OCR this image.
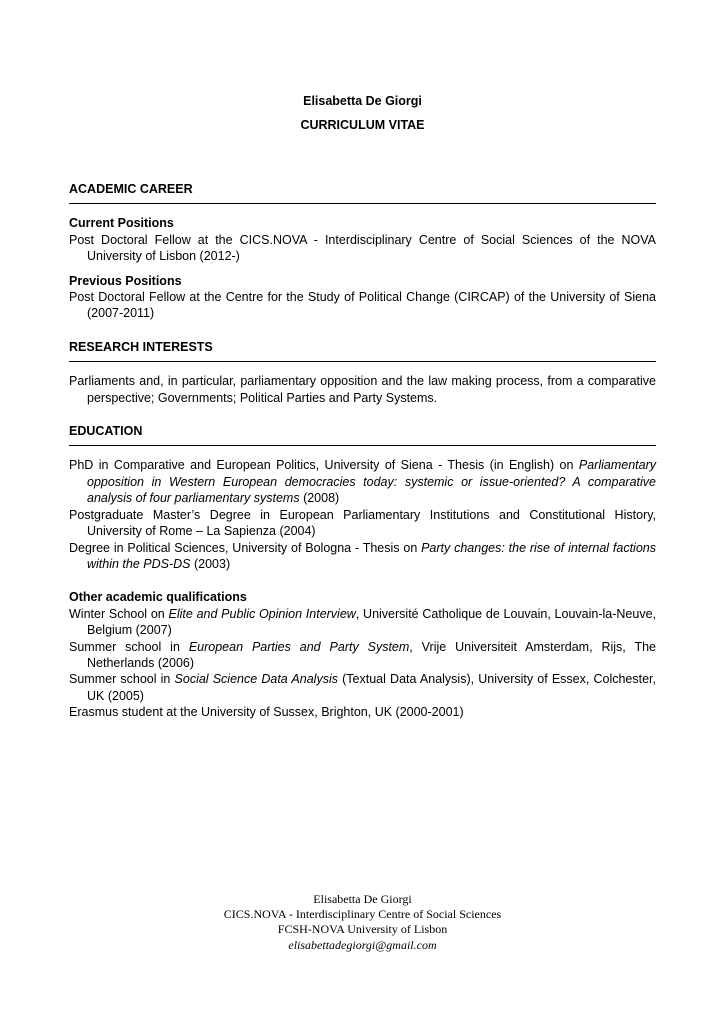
Elisabetta De Giorgi
CURRICULUM VITAE

ACADEMIC CAREER

Current Positions

Post Doctoral Fellow at the CICS.NOVA - Interdisciplinary Centre of Social Sciences of the NOVA University of Lisbon (2012-)

Previous Positions

Post Doctoral Fellow at the Centre for the Study of Political Change (CIRCAP) of the University of Siena (2007-2011)

RESEARCH INTERESTS

Parliaments and, in particular, parliamentary opposition and the law making process, from a comparative perspective; Governments; Political Parties and Party Systems.

EDUCATION

PhD in Comparative and European Politics, University of Siena - Thesis (in English) on Parliamentary opposition in Western European democracies today: systemic or issue-oriented? A comparative analysis of four parliamentary systems (2008)

Postgraduate Master’s Degree in European Parliamentary Institutions and Constitutional History, University of Rome – La Sapienza (2004)

Degree in Political Sciences, University of Bologna - Thesis on Party changes: the rise of internal factions within the PDS-DS (2003)

Other academic qualifications

Winter School on Elite and Public Opinion Interview, Université Catholique de Louvain, Louvain-la-Neuve, Belgium (2007)

Summer school in European Parties and Party System, Vrije Universiteit Amsterdam, Rijs, The Netherlands (2006)

Summer school in Social Science Data Analysis (Textual Data Analysis), University of Essex, Colchester, UK (2005)

Erasmus student at the University of Sussex, Brighton, UK (2000-2001)

Elisabetta De Giorgi
CICS.NOVA - Interdisciplinary Centre of Social Sciences
FCSH-NOVA University of Lisbon
elisabettadegiorgi@gmail.com
